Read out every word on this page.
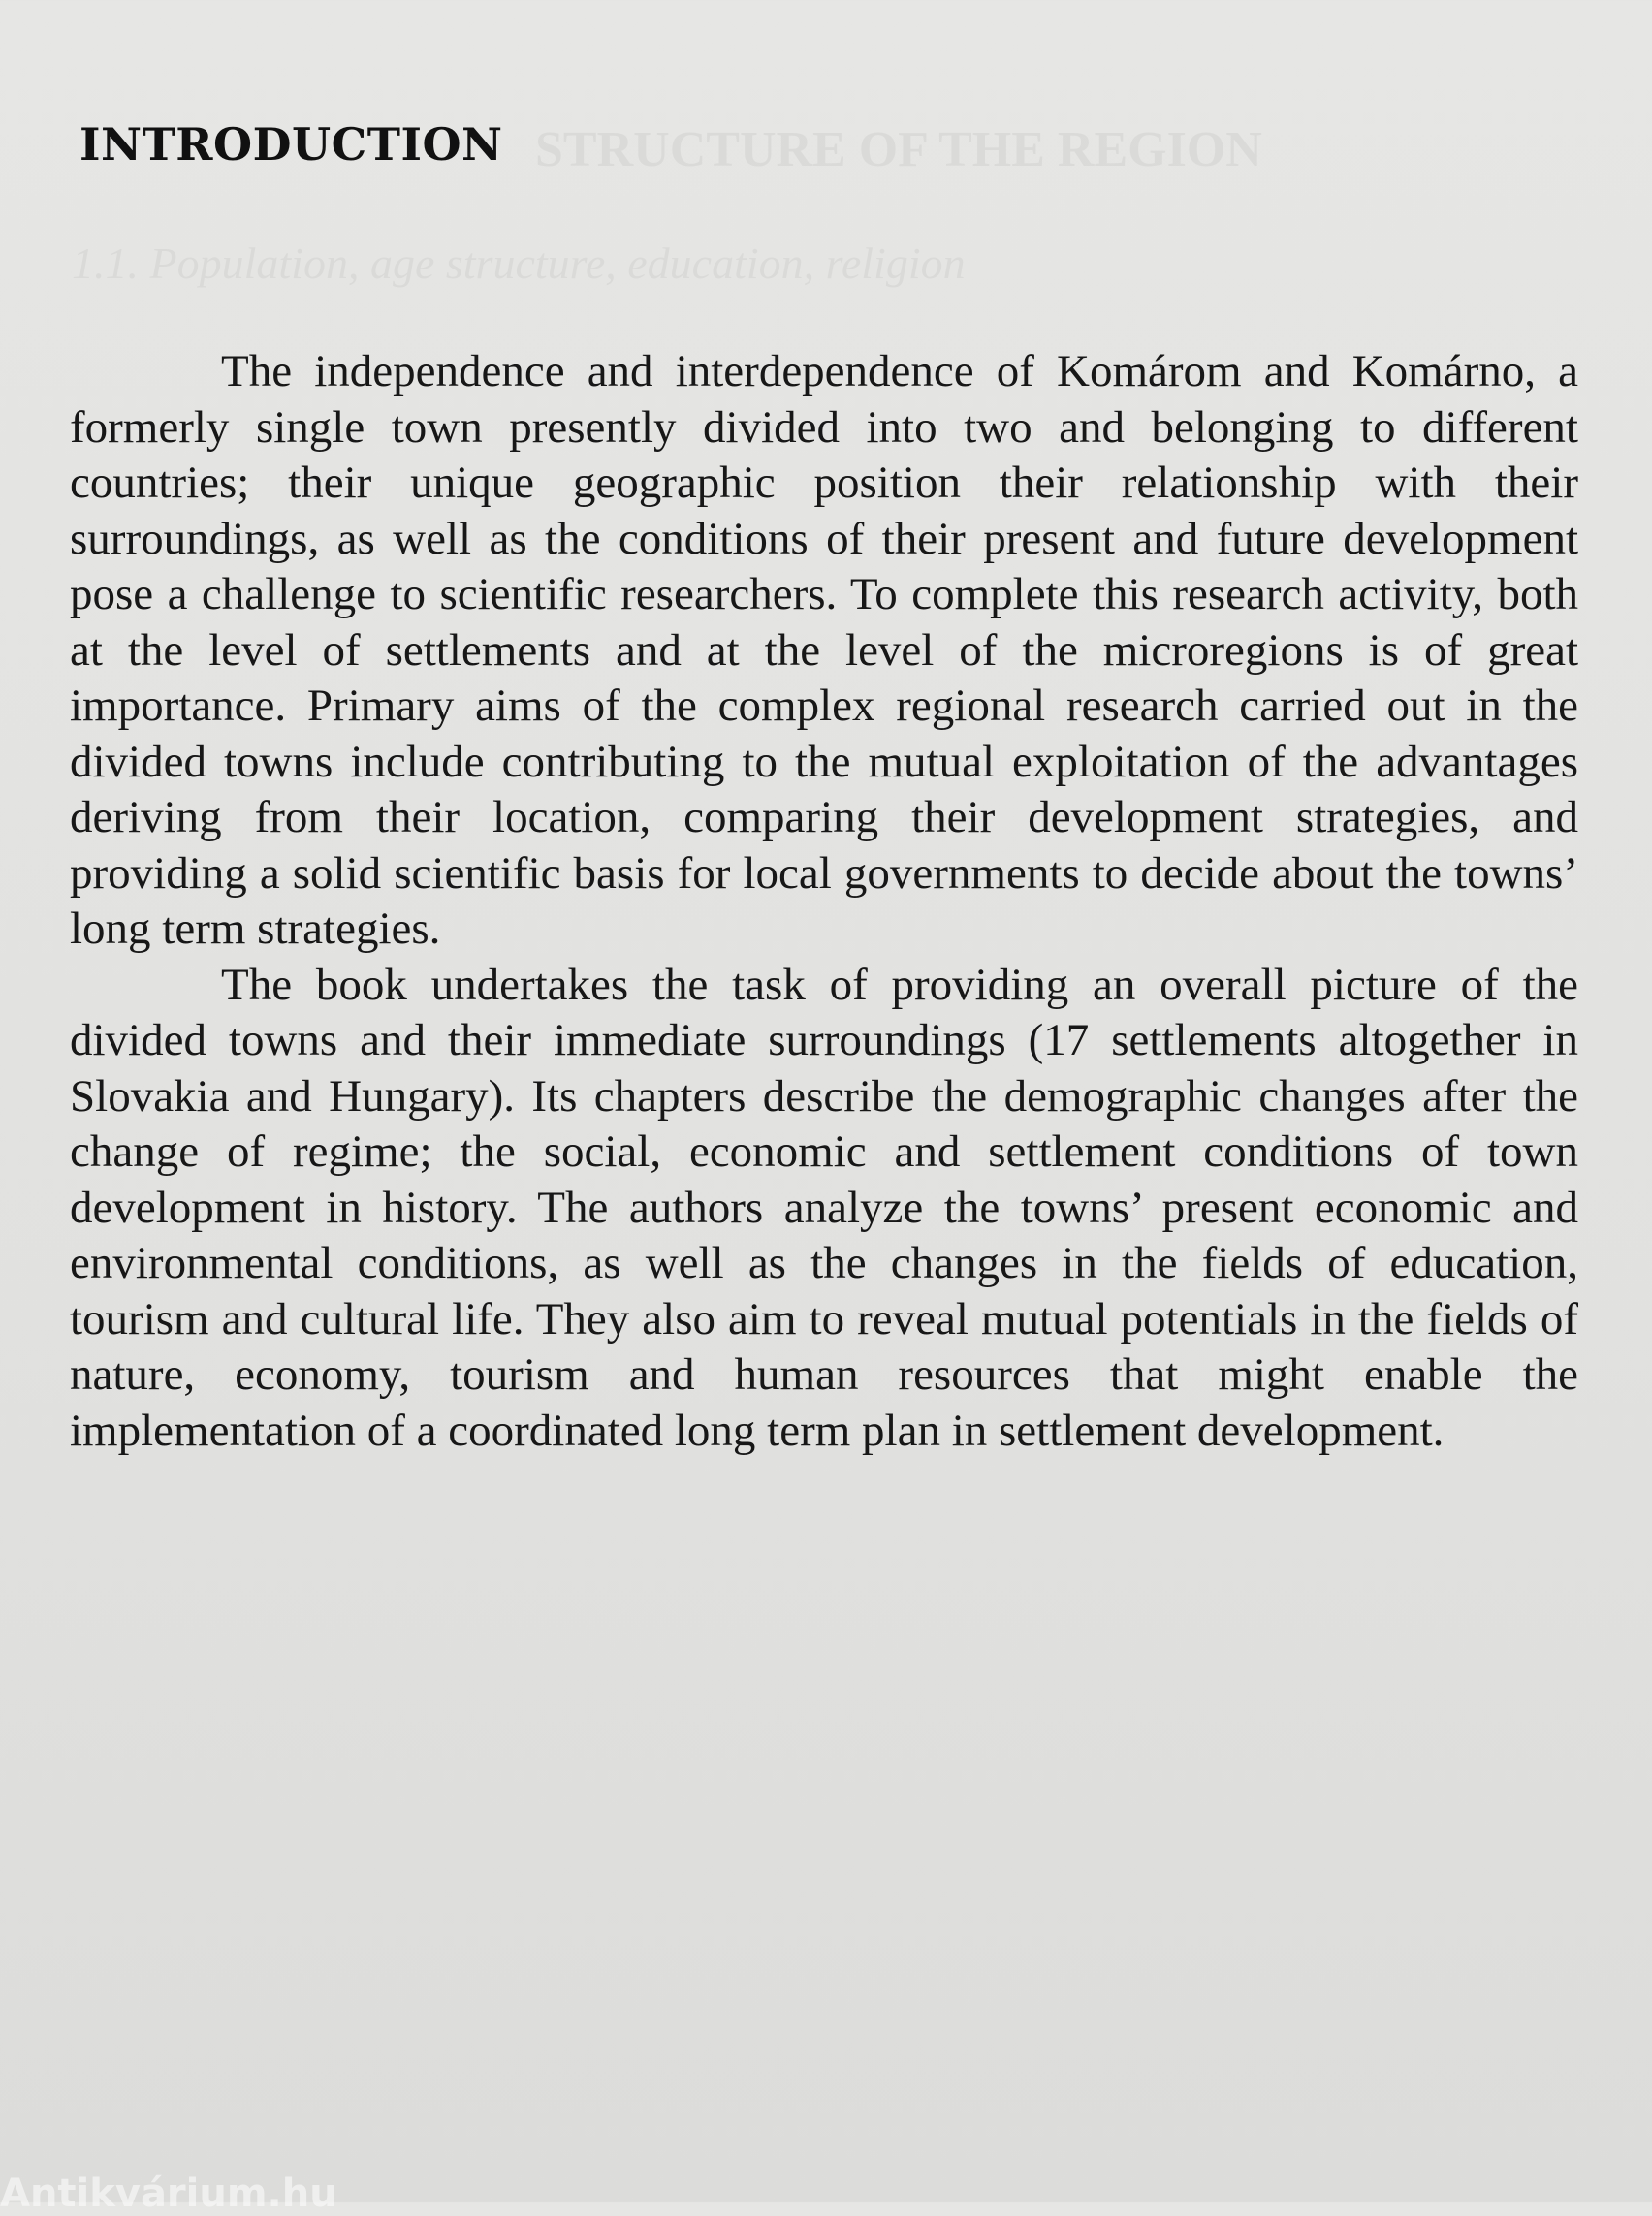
INTRODUCTION

The independence and interdependence of Komárom and Komárno, a formerly single town presently divided into two and belonging to different countries; their unique geographic position their relationship with their surroundings, as well as the conditions of their present and future development pose a challenge to scientific researchers. To complete this research activity, both at the level of settlements and at the level of the microregions is of great importance. Primary aims of the complex regional research carried out in the divided towns include contributing to the mutual exploitation of the advantages deriving from their location, comparing their development strategies, and providing a solid scientific basis for local governments to decide about the towns’ long term strategies.

The book undertakes the task of providing an overall picture of the divided towns and their immediate surroundings (17 settlements altogether in Slovakia and Hungary). Its chapters describe the demographic changes after the change of regime; the social, economic and settlement conditions of town development in history. The authors analyze the towns’ present economic and environmental conditions, as well as the changes in the fields of education, tourism and cultural life. They also aim to reveal mutual potentials in the fields of nature, economy, tourism and human resources that might enable the implementation of a coordinated long term plan in settlement development.

Antikvárium.hu
